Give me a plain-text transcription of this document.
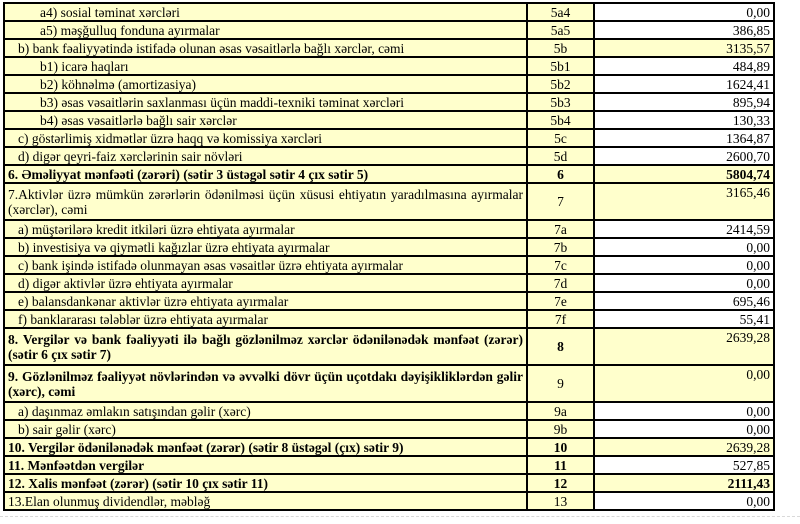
a4) sosial təminat xərcləri	5a4	0,00
a5) məşğulluq fonduna ayırmalar	5a5	386,85
b) bank fəaliyyətində istifadə olunan əsas vəsaitlərlə bağlı xərclər, cəmi	5b	3135,57
b1) icarə haqları	5b1	484,89
b2) köhnəlmə (amortizasiya)	5b2	1624,41
b3) əsas vəsaitlərin saxlanması üçün maddi-texniki təminat xərcləri	5b3	895,94
b4) əsas vəsaitlərlə bağlı sair xərclər	5b4	130,33
c) göstərlimiş xidmətlər üzrə haqq və komissiya xərcləri	5c	1364,87
d) digər qeyri-faiz xərclərinin sair növləri	5d	2600,70
6. Əməliyyat mənfəəti (zərəri) (sətir 3 üstəgəl sətir 4 çıx sətir 5)	6	5804,74
7.Aktivlər üzrə mümkün zərərlərin ödənilməsi üçün xüsusi ehtiyatın yaradılmasına ayırmalar (xərclər), cəmi	7	3165,46
a) müştərilərə kredit itkiləri üzrə ehtiyata ayırmalar	7a	2414,59
b) investisiya və qiymətli kağızlar üzrə ehtiyata ayırmalar	7b	0,00
c) bank işində istifadə olunmayan əsas vəsaitlər üzrə ehtiyata ayırmalar	7c	0,00
d) digər aktivlər üzrə ehtiyata ayırmalar	7d	0,00
e) balansdankənar aktivlər üzrə ehtiyata ayırmalar	7e	695,46
f) banklararası tələblər üzrə ehtiyata ayırmalar	7f	55,41
8. Vergilər və bank fəaliyyəti ilə bağlı gözlənilməz xərclər ödənilənədək mənfəət (zərər) (sətir 6 çıx sətir 7)	8	2639,28
9. Gözlənilməz fəaliyyət növlərindən və əvvəlki dövr üçün uçotdakı dəyişikliklərdən gəlir (xərc), cəmi	9	0,00
a) daşınmaz əmlakın satışından gəlir (xərc)	9a	0,00
b) sair gəlir (xərc)	9b	0,00
10. Vergilər ödənilənədək mənfəət (zərər) (sətir 8 üstəgəl (çıx) sətir 9)	10	2639,28
11. Mənfəətdən vergilər	11	527,85
12. Xalis mənfəət (zərər) (sətir 10 çıx sətir 11)	12	2111,43
13.Elan olunmuş dividendlər, məbləğ	13	0,00
